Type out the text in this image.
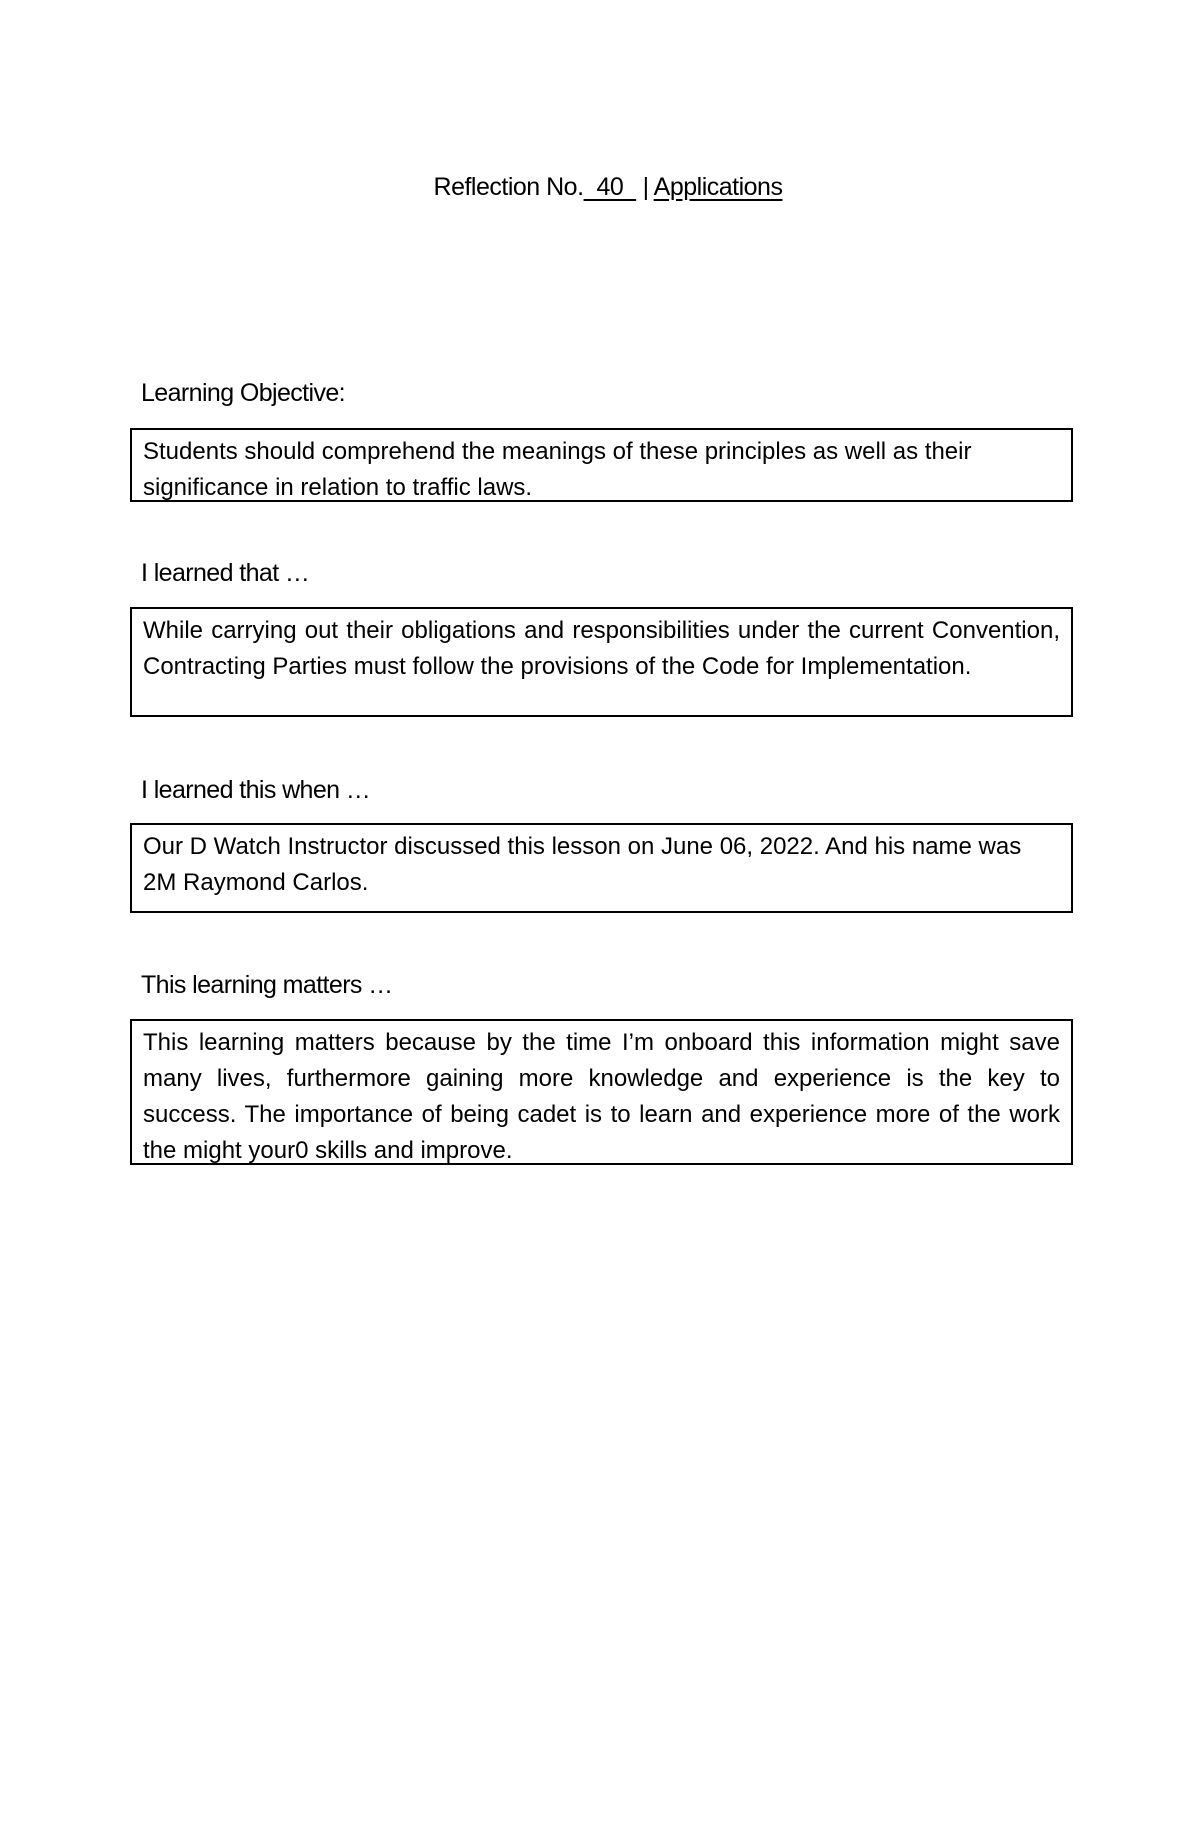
Reflection No.  40   | Applications
Learning Objective:

Students should comprehend the meanings of these principles as well as their significance in relation to traffic laws.

I learned that …

While carrying out their obligations and responsibilities under the current Convention, Contracting Parties must follow the provisions of the Code for Implementation.

I learned this when …

Our D Watch Instructor discussed this lesson on June 06, 2022. And his name was 2M Raymond Carlos.

This learning matters …

This learning matters because by the time I’m onboard this information might save many lives, furthermore gaining more knowledge and experience is the key to success. The importance of being cadet is to learn and experience more of the work the might your0 skills and improve.
